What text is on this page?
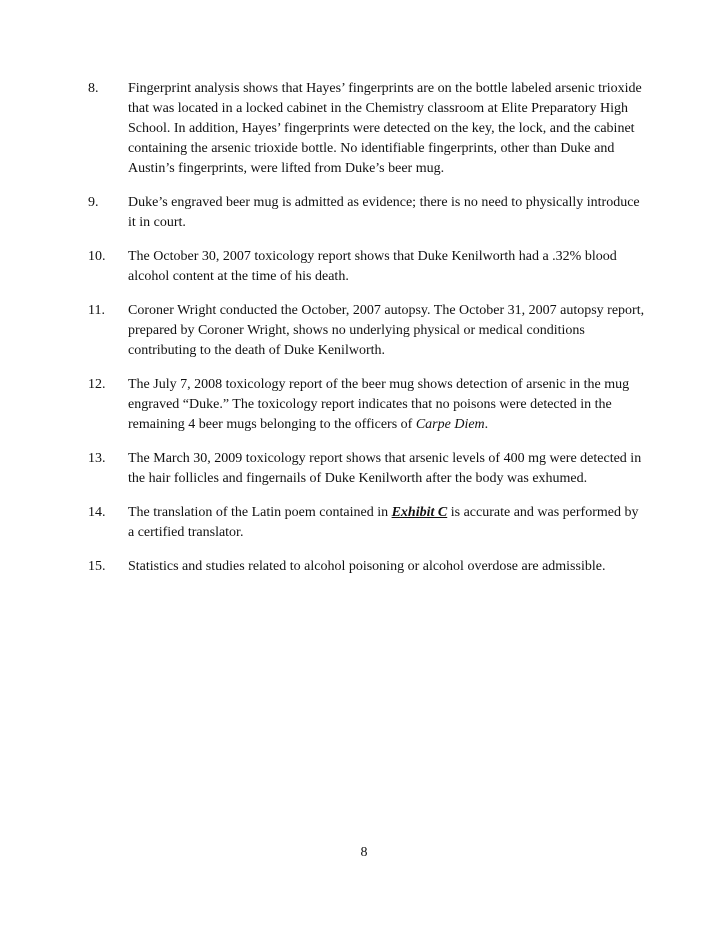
8.	Fingerprint analysis shows that Hayes’ fingerprints are on the bottle labeled arsenic trioxide that was located in a locked cabinet in the Chemistry classroom at Elite Preparatory High School. In addition, Hayes’ fingerprints were detected on the key, the lock, and the cabinet containing the arsenic trioxide bottle. No identifiable fingerprints, other than Duke and Austin’s fingerprints, were lifted from Duke’s beer mug.
9.	Duke’s engraved beer mug is admitted as evidence; there is no need to physically introduce it in court.
10.	The October 30, 2007 toxicology report shows that Duke Kenilworth had a .32% blood alcohol content at the time of his death.
11.	Coroner Wright conducted the October, 2007 autopsy. The October 31, 2007 autopsy report, prepared by Coroner Wright, shows no underlying physical or medical conditions contributing to the death of Duke Kenilworth.
12.	The July 7, 2008 toxicology report of the beer mug shows detection of arsenic in the mug engraved “Duke.” The toxicology report indicates that no poisons were detected in the remaining 4 beer mugs belonging to the officers of Carpe Diem.
13.	The March 30, 2009 toxicology report shows that arsenic levels of 400 mg were detected in the hair follicles and fingernails of Duke Kenilworth after the body was exhumed.
14.	The translation of the Latin poem contained in Exhibit C is accurate and was performed by a certified translator.
15.	Statistics and studies related to alcohol poisoning or alcohol overdose are admissible.
8
